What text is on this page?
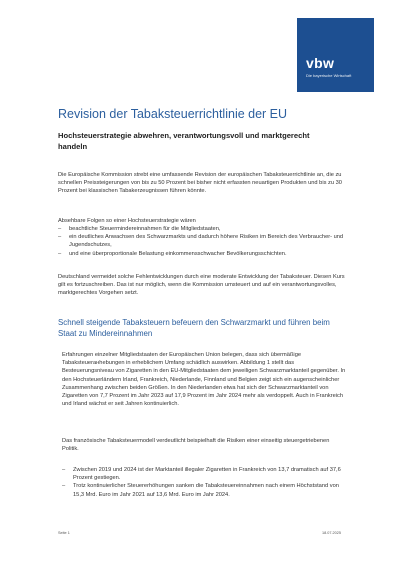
vbw
Die bayerische Wirtschaft
Revision der Tabaksteuerrichtlinie der EU
Hochsteuerstrategie abwehren, verantwortungsvoll und marktgerecht handeln
Die Europäische Kommission strebt eine umfassende Revision der europäischen Tabaksteuerrichtlinie an, die zu schnellen Preissteigerungen von bis zu 50 Prozent bei bisher nicht erfassten neuartigen Produkten und bis zu 30 Prozent bei klassischen Tabakerzeugnissen führen könnte.
Absehbare Folgen so einer Hochsteuerstrategie wären
– beachtliche Steuermindereinnahmen für die Mitgliedstaaten,
– ein deutliches Anwachsen des Schwarzmarkts und dadurch höhere Risiken im Bereich des Verbraucher- und Jugendschutzes,
– und eine überproportionale Belastung einkommensschwacher Bevölkerungsschichten.
Deutschland vermeidet solche Fehlentwicklungen durch eine moderate Entwicklung der Tabaksteuer. Diesen Kurs gilt es fortzuschreiben. Das ist nur möglich, wenn die Kommission umsteuert und auf ein verantwortungsvolles, marktgerechtes Vorgehen setzt.
Schnell steigende Tabaksteuern befeuern den Schwarzmarkt und führen beim Staat zu Mindereinnahmen
Erfahrungen einzelner Mitgliedstaaten der Europäischen Union belegen, dass sich übermäßige Tabaksteuerанhebungen in erheblichem Umfang schädlich auswirken. Abbildung 1 stellt das Besteuerungsniveau von Zigaretten in den EU-Mitgliedstaaten dem jeweiligen Schwarzmarktanteil gegenüber. In den Hochsteuerländern Irland, Frankreich, Niederlande, Finnland und Belgien zeigt sich ein augenscheinlicher Zusammenhang zwischen beiden Größen. In den Niederlanden etwa hat sich der Schwarzmarktanteil von Zigaretten von 7,7 Prozent im Jahr 2023 auf 17,9 Prozent im Jahr 2024 mehr als verdoppelt. Auch in Frankreich und Irland wächst er seit Jahren kontinuierlich.
Das französische Tabaksteuermodell verdeutlicht beispielhaft die Risiken einer einseitig steuergetriebenen Politik.
– Zwischen 2019 und 2024 ist der Marktanteil illegaler Zigaretten in Frankreich von 13,7 dramatisch auf 37,6 Prozent gestiegen.
– Trotz kontinuierlicher Steuererhöhungen sanken die Tabaksteuereinnahmen nach einem Höchststand von 15,3 Mrd. Euro im Jahr 2021 auf 13,6 Mrd. Euro im Jahr 2024.
Seite 1	18.07.2025
